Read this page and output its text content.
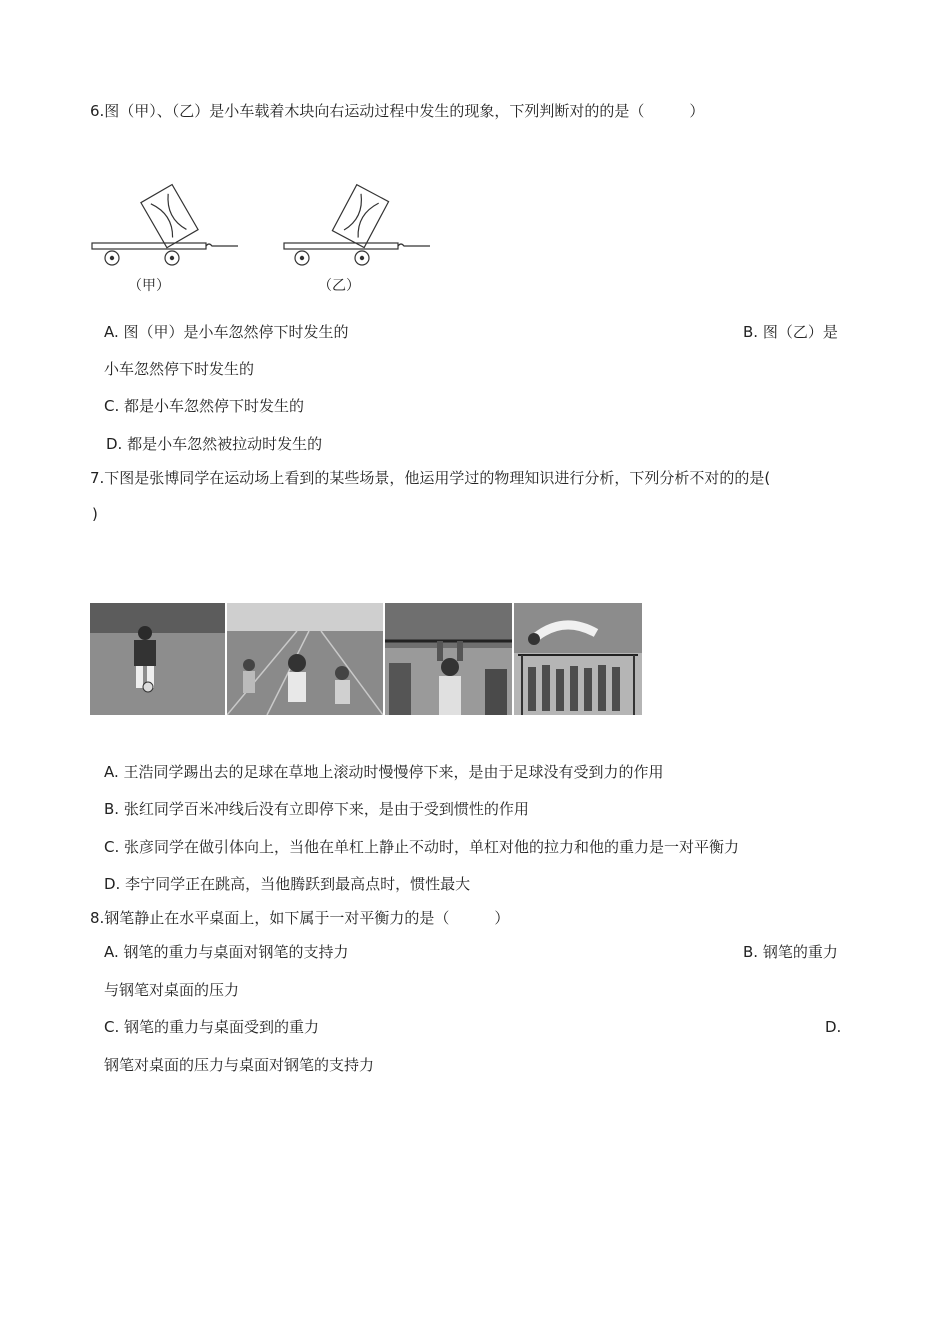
6.图（甲）、（乙）是小车载着木块向右运动过程中发生的现象，下列判断对的的是（　　　）
（甲）	（乙）
A. 图（甲）是小车忽然停下时发生的	B. 图（乙）是
小车忽然停下时发生的
C. 都是小车忽然停下时发生的
D. 都是小车忽然被拉动时发生的
7.下图是张博同学在运动场上看到的某些场景，他运用学过的物理知识进行分析，下列分析不对的的是(
)
A. 王浩同学踢出去的足球在草地上滚动时慢慢停下来，是由于足球没有受到力的作用
B. 张红同学百米冲线后没有立即停下来，是由于受到惯性的作用
C. 张彦同学在做引体向上，当他在单杠上静止不动时，单杠对他的拉力和他的重力是一对平衡力
D. 李宁同学正在跳高，当他腾跃到最高点时，惯性最大
8.钢笔静止在水平桌面上，如下属于一对平衡力的是（　　　）
A. 钢笔的重力与桌面对钢笔的支持力	B. 钢笔的重力
与钢笔对桌面的压力
C. 钢笔的重力与桌面受到的重力	D.
钢笔对桌面的压力与桌面对钢笔的支持力
